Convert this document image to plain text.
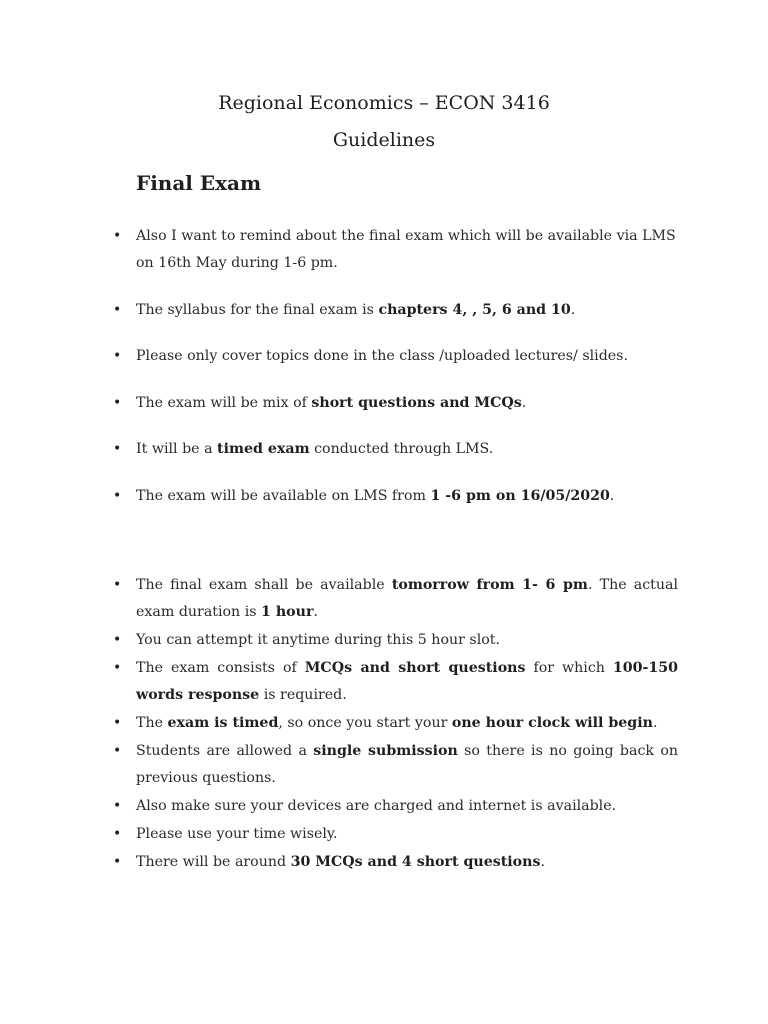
Regional Economics – ECON 3416
Guidelines
Final Exam
• Also I want to remind about the final exam which will be available via LMS on 16th May during 1-6 pm.
• The syllabus for the final exam is chapters 4, , 5, 6 and 10.
• Please only cover topics done in the class /uploaded lectures/ slides.
• The exam will be mix of short questions and MCQs.
• It will be a timed exam conducted through LMS.
• The exam will be available on LMS from 1 -6 pm on 16/05/2020.
• The final exam shall be available tomorrow from 1- 6 pm. The actual exam duration is 1 hour.
• You can attempt it anytime during this 5 hour slot.
• The exam consists of MCQs and short questions for which 100-150 words response is required.
• The exam is timed, so once you start your one hour clock will begin.
• Students are allowed a single submission so there is no going back on previous questions.
• Also make sure your devices are charged and internet is available.
• Please use your time wisely.
• There will be around 30 MCQs and 4 short questions.
